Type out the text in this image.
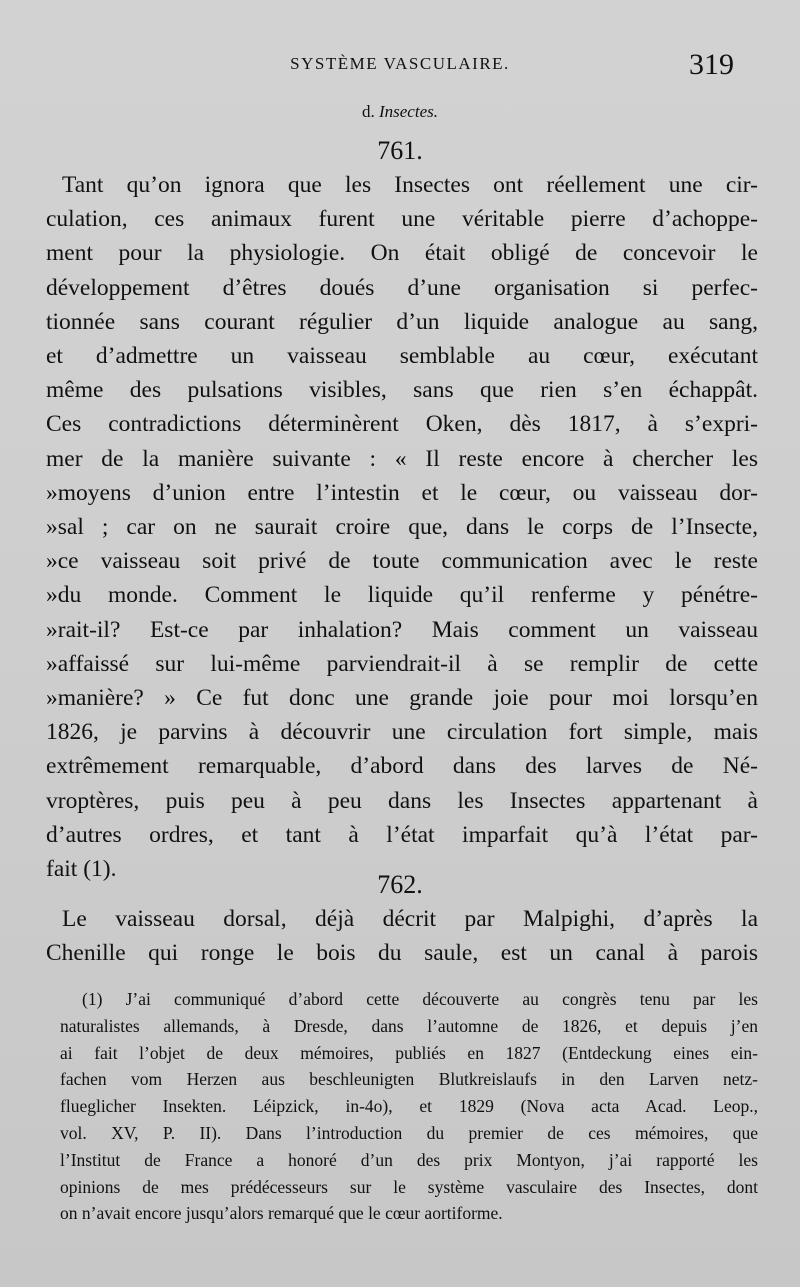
SYSTÈME VASCULAIRE.	319
d. Insectes.
761.
Tant qu’on ignora que les Insectes ont réellement une cir-
culation, ces animaux furent une véritable pierre d’achoppe-
ment pour la physiologie. On était obligé de concevoir le
développement d’êtres doués d’une organisation si perfec-
tionnée sans courant régulier d’un liquide analogue au sang,
et d’admettre un vaisseau semblable au cœur, exécutant
même des pulsations visibles, sans que rien s’en échappât.
Ces contradictions déterminèrent Oken, dès 1817, à s’expri-
mer de la manière suivante : « Il reste encore à chercher les
»moyens d’union entre l’intestin et le cœur, ou vaisseau dor-
»sal ; car on ne saurait croire que, dans le corps de l’Insecte,
»ce vaisseau soit privé de toute communication avec le reste
»du monde. Comment le liquide qu’il renferme y pénétre-
»rait-il? Est-ce par inhalation? Mais comment un vaisseau
»affaissé sur lui-même parviendrait-il à se remplir de cette
»manière? » Ce fut donc une grande joie pour moi lorsqu’en
1826, je parvins à découvrir une circulation fort simple, mais
extrêmement remarquable, d’abord dans des larves de Né-
vroptères, puis peu à peu dans les Insectes appartenant à
d’autres ordres, et tant à l’état imparfait qu’à l’état par-
fait (1).
762.
Le vaisseau dorsal, déjà décrit par Malpighi, d’après la
Chenille qui ronge le bois du saule, est un canal à parois
(1) J’ai communiqué d’abord cette découverte au congrès tenu par les
naturalistes allemands, à Dresde, dans l’automne de 1826, et depuis j’en
ai fait l’objet de deux mémoires, publiés en 1827 (Entdeckung eines ein-
fachen vom Herzen aus beschleunigten Blutkreislaufs in den Larven netz-
flueglicher Insekten. Léipzick, in-4o), et 1829 (Nova acta Acad. Leop.,
vol. XV, P. II). Dans l’introduction du premier de ces mémoires, que
l’Institut de France a honoré d’un des prix Montyon, j’ai rapporté les
opinions de mes prédécesseurs sur le système vasculaire des Insectes, dont
on n’avait encore jusqu’alors remarqué que le cœur aortiforme.
